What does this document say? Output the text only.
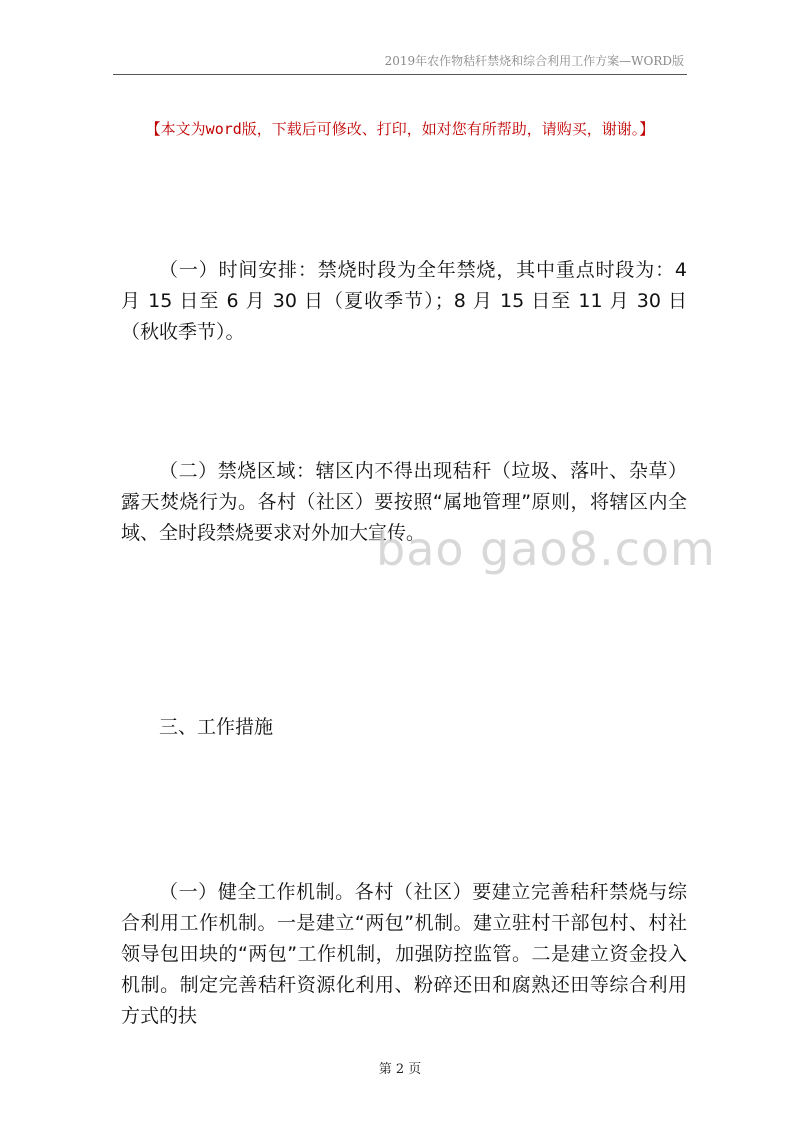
2019年农作物秸秆禁烧和综合利用工作方案—WORD版
【本文为word版，下载后可修改、打印，如对您有所帮助，请购买，谢谢。】

（一）时间安排：禁烧时段为全年禁烧，其中重点时段为：4 月 15 日至 6 月 30 日（夏收季节）；8 月 15 日至 11 月 30 日（秋收季节）。

（二）禁烧区域：辖区内不得出现秸秆（垃圾、落叶、杂草）露天焚烧行为。各村（社区）要按照“属地管理”原则，将辖区内全域、全时段禁烧要求对外加大宣传。

三、工作措施

（一）健全工作机制。各村（社区）要建立完善秸秆禁烧与综合利用工作机制。一是建立“两包”机制。建立驻村干部包村、村社领导包田块的“两包”工作机制，加强防控监管。二是建立资金投入机制。制定完善秸秆资源化利用、粉碎还田和腐熟还田等综合利用方式的扶

bao gao8.com
第 2 页
